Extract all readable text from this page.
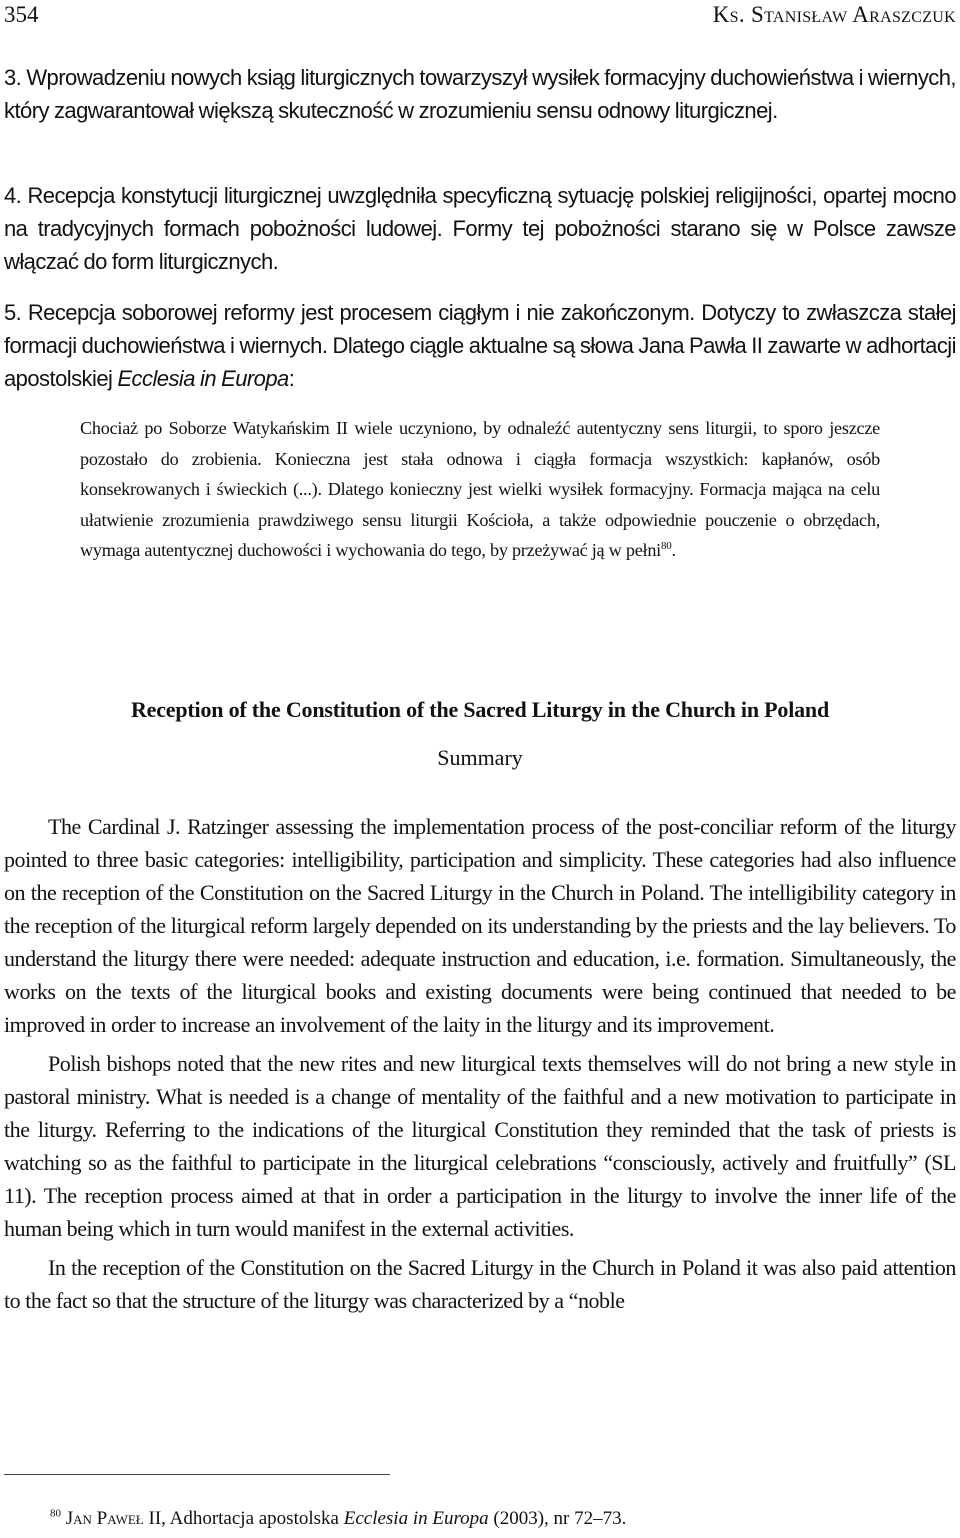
354	Ks. Stanisław Araszczuk
3. Wprowadzeniu nowych ksiąg liturgicznych towarzyszył wysiłek formacyjny duchowieństwa i wiernych, który zagwarantował większą skuteczność w zrozumieniu sensu odnowy liturgicznej.
4. Recepcja konstytucji liturgicznej uwzględniła specyficzną sytuację polskiej religijności, opartej mocno na tradycyjnych formach pobożności ludowej. Formy tej pobożności starano się w Polsce zawsze włączać do form liturgicznych.
5. Recepcja soborowej reformy jest procesem ciągłym i nie zakończonym. Dotyczy to zwłaszcza stałej formacji duchowieństwa i wiernych. Dlatego ciągle aktualne są słowa Jana Pawła II zawarte w adhortacji apostolskiej Ecclesia in Europa:
Chociaż po Soborze Watykańskim II wiele uczyniono, by odnaleźć autentyczny sens liturgii, to sporo jeszcze pozostało do zrobienia. Konieczna jest stała odnowa i ciągła formacja wszystkich: kapłanów, osób konsekrowanych i świeckich (...). Dlatego konieczny jest wielki wysiłek formacyjny. Formacja mająca na celu ułatwienie zrozumienia prawdziwego sensu liturgii Kościoła, a także odpowiednie pouczenie o obrzędach, wymaga autentycznej duchowości i wychowania do tego, by przeżywać ją w pełni$^{80}$.
Reception of the Constitution of the Sacred Liturgy in the Church in Poland
Summary

The Cardinal J. Ratzinger assessing the implementation process of the post-conciliar reform of the liturgy pointed to three basic categories: intelligibility, participation and simplicity. These categories had also influence on the reception of the Constitution on the Sacred Liturgy in the Church in Poland. The intelligibility category in the reception of the liturgical reform largely depended on its understanding by the priests and the lay believers. To understand the liturgy there were needed: adequate instruction and education, i.e. formation. Simultaneously, the works on the texts of the liturgical books and existing documents were being continued that needed to be improved in order to increase an involvement of the laity in the liturgy and its improvement.

Polish bishops noted that the new rites and new liturgical texts themselves will do not bring a new style in pastoral ministry. What is needed is a change of mentality of the faithful and a new motivation to participate in the liturgy. Referring to the indications of the liturgical Constitution they reminded that the task of priests is watching so as the faithful to participate in the liturgical celebrations “consciously, actively and fruitfully” (SL 11). The reception process aimed at that in order a participation in the liturgy to involve the inner life of the human being which in turn would manifest in the external activities.

In the reception of the Constitution on the Sacred Liturgy in the Church in Poland it was also paid attention to the fact so that the structure of the liturgy was characterized by a “noble

$^{80}$ Jan Paweł II, Adhortacja apostolska Ecclesia in Europa (2003), nr 72–73.
